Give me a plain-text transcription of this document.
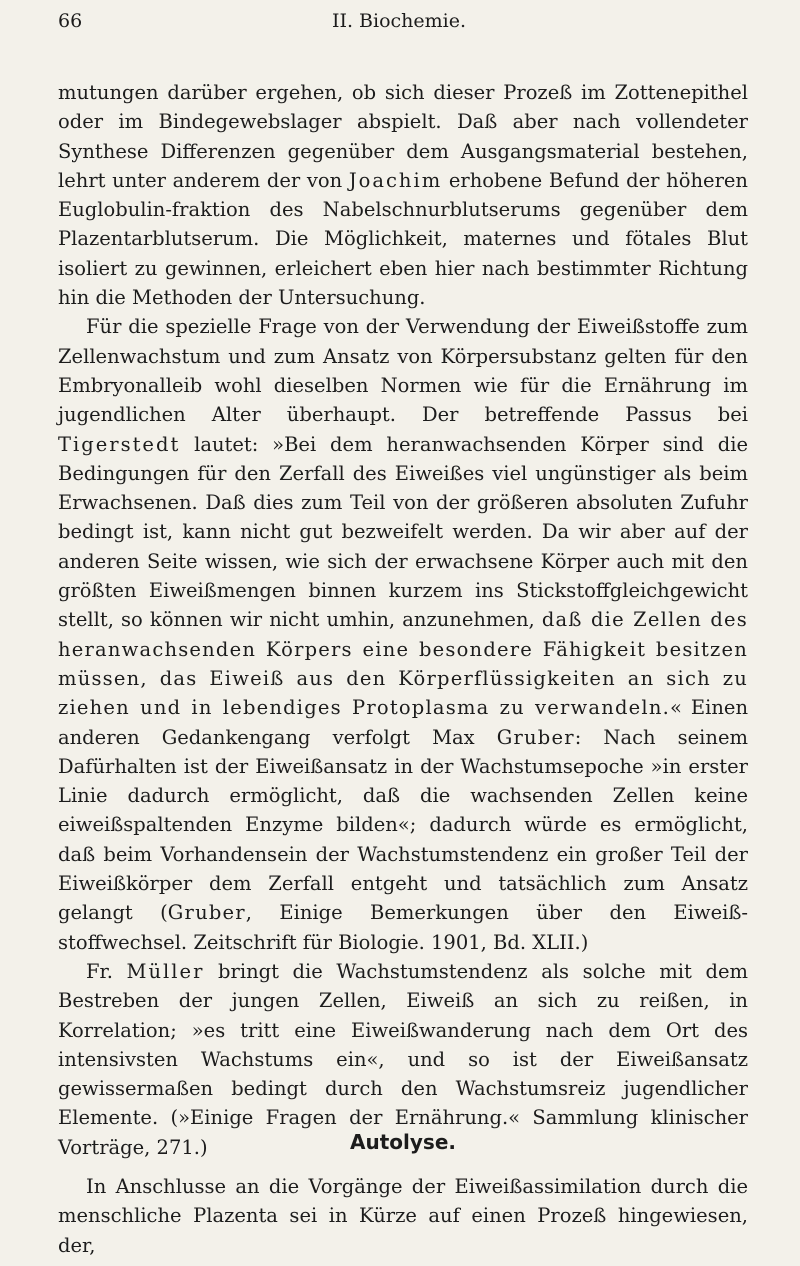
66	II. Biochemie.

mutungen darüber ergehen, ob sich dieser Prozeß im Zottenepithel oder im Bindegewebslager abspielt. Daß aber nach vollendeter Synthese Differenzen gegenüber dem Ausgangsmaterial bestehen, lehrt unter anderem der von Joachim erhobene Befund der höheren Euglobulin-fraktion des Nabelschnurblutserums gegenüber dem Plazentarblutserum. Die Möglichkeit, maternes und fötales Blut isoliert zu gewinnen, erleichert eben hier nach bestimmter Richtung hin die Methoden der Untersuchung.

Für die spezielle Frage von der Verwendung der Eiweißstoffe zum Zellenwachstum und zum Ansatz von Körpersubstanz gelten für den Embryonalleib wohl dieselben Normen wie für die Ernährung im jugendlichen Alter überhaupt. Der betreffende Passus bei Tigerstedt lautet: »Bei dem heranwachsenden Körper sind die Bedingungen für den Zerfall des Eiweißes viel ungünstiger als beim Erwachsenen. Daß dies zum Teil von der größeren absoluten Zufuhr bedingt ist, kann nicht gut bezweifelt werden. Da wir aber auf der anderen Seite wissen, wie sich der erwachsene Körper auch mit den größten Eiweißmengen binnen kurzem ins Stickstoffgleichgewicht stellt, so können wir nicht umhin, anzunehmen, daß die Zellen des heranwachsenden Körpers eine besondere Fähigkeit besitzen müssen, das Eiweiß aus den Körperflüssigkeiten an sich zu ziehen und in lebendiges Protoplasma zu verwandeln.« Einen anderen Gedankengang verfolgt Max Gruber: Nach seinem Dafürhalten ist der Eiweißansatz in der Wachstumsepoche »in erster Linie dadurch ermöglicht, daß die wachsenden Zellen keine eiweißspaltenden Enzyme bilden«; dadurch würde es ermöglicht, daß beim Vorhandensein der Wachstumstendenz ein großer Teil der Eiweißkörper dem Zerfall entgeht und tatsächlich zum Ansatz gelangt (Gruber, Einige Bemerkungen über den Eiweiß-stoffwechsel. Zeitschrift für Biologie. 1901, Bd. XLII.)

Fr. Müller bringt die Wachstumstendenz als solche mit dem Bestreben der jungen Zellen, Eiweiß an sich zu reißen, in Korrelation; »es tritt eine Eiweißwanderung nach dem Ort des intensivsten Wachstums ein«, und so ist der Eiweißansatz gewissermaßen bedingt durch den Wachstumsreiz jugendlicher Elemente. (»Einige Fragen der Ernährung.« Sammlung klinischer Vorträge, 271.)	Autolyse.

In Anschlusse an die Vorgänge der Eiweißassimilation durch die menschliche Plazenta sei in Kürze auf einen Prozeß hingewiesen, der,
